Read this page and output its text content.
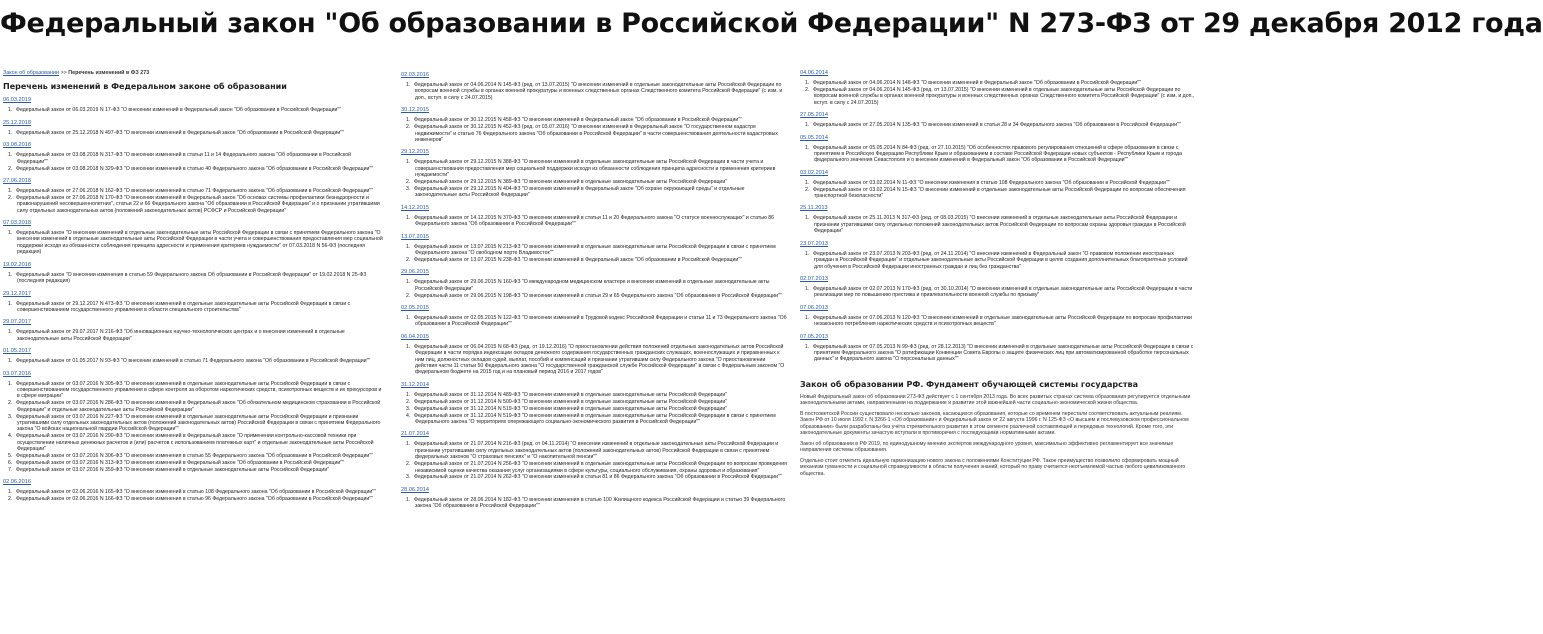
Федеральный закон "Об образовании в Российской Федерации" N 273-ФЗ от 29 декабря 2012 года
Закон об образовании >> Перечень изменений в ФЗ 273
Перечень изменений в Федеральном законе об образовании
06.03.2019
1. Федеральный закон от 06.03.2019 N 17-ФЗ "О внесении изменений в Федеральный закон "Об образовании в Российской Федерации""
25.12.2018
1. Федеральный закон от 25.12.2018 N 497-ФЗ "О внесении изменений в Федеральный закон "Об образовании в Российской Федерации""
03.08.2018
1. Федеральный закон от 03.08.2018 N 317-ФЗ "О внесении изменений в статьи 11 и 14 Федерального закона "Об образовании в Российской Федерации""
2. Федеральный закон от 03.08.2018 N 329-ФЗ "О внесении изменений в статью 40 Федерального закона "Об образовании в Российской Федерации""
27.06.2018
1. Федеральный закон от 27.06.2018 N 162-ФЗ "О внесении изменений в статью 71 Федерального закона "Об образовании в Российской Федерации""
2. Федеральный закон от 27.06.2018 N 170-ФЗ "О внесении изменений в Федеральный закон "Об основах системы профилактики безнадзорности и правонарушений несовершеннолетних", статьи 22 и 66 Федерального закона "Об образовании в Российской Федерации" и о признании утратившими силу отдельных законодательных актов (положений законодательных актов) РСФСР и Российской Федерации"
07.03.2018
1. Федеральный закон "О внесении изменений в отдельные законодательные акты Российской Федерации в связи с принятием Федерального закона "О внесении изменений в отдельные законодательные акты Российской Федерации в части учета и совершенствования предоставления мер социальной поддержки исходя из обязанности соблюдения принципа адресности и применения критериев нуждаемости" от 07.03.2018 N 56-ФЗ (последняя редакция)
19.02.2018
1. Федеральный закон "О внесении изменения в статью 59 Федерального закона Об образовании в Российской Федерации" от 19.02.2018 N 25-ФЗ (последняя редакция)
29.12.2017
1. Федеральный закон от 29.12.2017 N 473-ФЗ "О внесении изменений в отдельные законодательные акты Российской Федерации в связи с совершенствованием государственного управления в области специального строительства"
29.07.2017
1. Федеральный закон от 29.07.2017 N 216-ФЗ "Об инновационных научно-технологических центрах и о внесении изменений в отдельные законодательные акты Российской Федерации"
01.05.2017
1. Федеральный закон от 01.05.2017 N 93-ФЗ "О внесении изменений в статью 71 Федерального закона "Об образовании в Российской Федерации""
03.07.2016
1. Федеральный закон от 03.07.2016 N 305-ФЗ "О внесении изменений в отдельные законодательные акты Российской Федерации в связи с совершенствованием государственного управления в сфере контроля за оборотом наркотических средств, психотропных веществ и их прекурсоров и в сфере миграции"
2. Федеральный закон от 03.07.2016 N 286-ФЗ "О внесении изменений в Федеральный закон "Об обязательном медицинском страховании в Российской Федерации" и отдельные законодательные акты Российской Федерации"
3. Федеральный закон от 03.07.2016 N 227-ФЗ "О внесении изменений в отдельные законодательные акты Российской Федерации и признании утратившими силу отдельных законодательных актов (положений законодательных актов) Российской Федерации в связи с принятием Федерального закона "О войсках национальной гвардии Российской Федерации""
4. Федеральный закон от 03.07.2016 N 290-ФЗ "О внесении изменений в Федеральный закон "О применении контрольно-кассовой техники при осуществлении наличных денежных расчетов и (или) расчетов с использованием платежных карт" и отдельные законодательные акты Российской Федерации"
5. Федеральный закон от 03.07.2016 N 306-ФЗ "О внесении изменения в статью 55 Федерального закона "Об образовании в Российской Федерации""
6. Федеральный закон от 03.07.2016 N 313-ФЗ "О внесении изменений в Федеральный закон "Об образовании в Российской Федерации""
7. Федеральный закон от 03.07.2016 N 359-ФЗ "О внесении изменений в отдельные законодательные акты Российской Федерации"
02.06.2016
1. Федеральный закон от 02.06.2016 N 165-ФЗ "О внесении изменений в статью 108 Федерального закона "Об образовании в Российской Федерации""
2. Федеральный закон от 02.06.2016 N 166-ФЗ "О внесении изменения в статью 96 Федерального закона "Об образовании в Российской Федерации""
02.03.2016
1. Федеральный закон от 04.06.2014 N 145-ФЗ (ред. от 13.07.2015) "О внесении изменений в отдельные законодательные акты Российской Федерации по вопросам военной службы в органах военной прокуратуры и военных следственных органах Следственного комитета Российской Федерации" (с изм. и доп., вступ. в силу с 24.07.2015)
30.12.2015
1. Федеральный закон от 30.12.2015 N 458-ФЗ "О внесении изменений в Федеральный закон "Об образовании в Российской Федерации""
2. Федеральный закон от 30.12.2015 N 452-ФЗ (ред. от 03.07.2016) "О внесении изменений в Федеральный закон "О государственном кадастре недвижимости" и статью 76 Федерального закона "Об образовании в Российской Федерации" в части совершенствования деятельности кадастровых инженеров"
29.12.2015
1. Федеральный закон от 29.12.2015 N 388-ФЗ "О внесении изменений в отдельные законодательные акты Российской Федерации в части учета и совершенствования предоставления мер социальной поддержки исходя из обязанности соблюдения принципа адресности и применения критериев нуждаемости"
2. Федеральный закон от 29.12.2015 N 389-ФЗ "О внесении изменений в отдельные законодательные акты Российской Федерации"
3. Федеральный закон от 29.12.2015 N 404-ФЗ "О внесении изменений в Федеральный закон "Об охране окружающей среды" и отдельные законодательные акты Российской Федерации"
14.12.2015
1. Федеральный закон от 14.12.2015 N 370-ФЗ "О внесении изменений в статьи 11 и 20 Федерального закона "О статусе военнослужащих" и статью 86 Федерального закона "Об образовании в Российской Федерации""
13.07.2015
1. Федеральный закон от 13.07.2015 N 213-ФЗ "О внесении изменений в отдельные законодательные акты Российской Федерации в связи с принятием Федерального закона "О свободном порте Владивосток""
2. Федеральный закон от 13.07.2015 N 238-ФЗ "О внесении изменений в Федеральный закон "Об образовании в Российской Федерации""
29.06.2015
1. Федеральный закон от 29.06.2015 N 160-ФЗ "О международном медицинском кластере и внесении изменений в отдельные законодательные акты Российской Федерации"
2. Федеральный закон от 29.06.2015 N 198-ФЗ "О внесении изменений в статьи 29 и 65 Федерального закона "Об образовании в Российской Федерации""
02.05.2015
1. Федеральный закон от 02.05.2015 N 122-ФЗ "О внесении изменений в Трудовой кодекс Российской Федерации и статьи 11 и 73 Федерального закона "Об образовании в Российской Федерации""
06.04.2015
1. Федеральный закон от 06.04.2015 N 68-ФЗ (ред. от 19.12.2016) "О приостановлении действия положений отдельных законодательных актов Российской Федерации в части порядка индексации окладов денежного содержания государственных гражданских служащих, военнослужащих и приравненных к ним лиц, должностных окладов судей, выплат, пособий и компенсаций и признании утратившим силу Федерального закона "О приостановлении действия части 11 статьи 50 Федерального закона "О государственной гражданской службе Российской Федерации" в связи с Федеральным законом "О федеральном бюджете на 2015 год и на плановый период 2016 и 2017 годов"
31.12.2014
1. Федеральный закон от 31.12.2014 N 489-ФЗ "О внесении изменений в отдельные законодательные акты Российской Федерации"
2. Федеральный закон от 31.12.2014 N 500-ФЗ "О внесении изменений в отдельные законодательные акты Российской Федерации"
3. Федеральный закон от 31.12.2014 N 519-ФЗ "О внесении изменений в отдельные законодательные акты Российской Федерации"
4. Федеральный закон от 31.12.2014 N 519-ФЗ "О внесении изменений в отдельные законодательные акты Российской Федерации в связи с принятием Федерального закона "О территориях опережающего социально-экономического развития в Российской Федерации""
21.07.2014
1. Федеральный закон от 21.07.2014 N 216-ФЗ (ред. от 04.11.2014) "О внесении изменений в отдельные законодательные акты Российской Федерации и признании утратившими силу отдельных законодательных актов (положений законодательных актов) Российской Федерации в связи с принятием федеральных законов "О страховых пенсиях" и "О накопительной пенсии""
2. Федеральный закон от 21.07.2014 N 256-ФЗ "О внесении изменений в отдельные законодательные акты Российской Федерации по вопросам проведения независимой оценки качества оказания услуг организациями в сфере культуры, социального обслуживания, охраны здоровья и образования"
3. Федеральный закон от 21.07.2014 N 262-ФЗ "О внесении изменений в статьи 81 и 86 Федерального закона "Об образовании в Российской Федерации""
28.06.2014
1. Федеральный закон от 28.06.2014 N 182-ФЗ "О внесении изменения в статью 100 Жилищного кодекса Российской Федерации и статью 39 Федерального закона "Об образовании в Российской Федерации""
04.06.2014
1. Федеральный закон от 04.06.2014 N 148-ФЗ "О внесении изменений в Федеральный закон "Об образовании в Российской Федерации""
2. Федеральный закон от 04.06.2014 N 145-ФЗ (ред. от 13.07.2015) "О внесении изменений в отдельные законодательные акты Российской Федерации по вопросам военной службы в органах военной прокуратуры и военных следственных органах Следственного комитета Российской Федерации" (с изм. и доп., вступ. в силу с 24.07.2015)
27.05.2014
1. Федеральный закон от 27.05.2014 N 135-ФЗ "О внесении изменений в статьи 28 и 34 Федерального закона "Об образовании в Российской Федерации""
05.05.2014
1. Федеральный закон от 05.05.2014 N 84-ФЗ (ред. от 27.10.2015) "Об особенностях правового регулирования отношений в сфере образования в связи с принятием в Российскую Федерацию Республики Крым и образованием в составе Российской Федерации новых субъектов - Республики Крым и города федерального значения Севастополя и о внесении изменений в Федеральный закон "Об образовании в Российской Федерации""
03.02.2014
1. Федеральный закон от 03.02.2014 N 11-ФЗ "О внесении изменения в статью 108 Федерального закона "Об образовании в Российской Федерации""
2. Федеральный закон от 03.02.2014 N 15-ФЗ "О внесении изменений в отдельные законодательные акты Российской Федерации по вопросам обеспечения транспортной безопасности"
25.11.2013
1. Федеральный закон от 25.11.2013 N 317-ФЗ (ред. от 08.03.2015) "О внесении изменений в отдельные законодательные акты Российской Федерации и признании утратившими силу отдельных положений законодательных актов Российской Федерации по вопросам охраны здоровья граждан в Российской Федерации"
23.07.2013
1. Федеральный закон от 23.07.2013 N 203-ФЗ (ред. от 24.11.2014) "О внесении изменений в Федеральный закон "О правовом положении иностранных граждан в Российской Федерации" и отдельные законодательные акты Российской Федерации в целях создания дополнительных благоприятных условий для обучения в Российской Федерации иностранных граждан и лиц без гражданства"
02.07.2013
1. Федеральный закон от 02.07.2013 N 170-ФЗ (ред. от 30.10.2014) "О внесении изменений в отдельные законодательные акты Российской Федерации в части реализации мер по повышению престижа и привлекательности военной службы по призыву"
07.06.2013
1. Федеральный закон от 07.06.2013 N 120-ФЗ "О внесении изменений в отдельные законодательные акты Российской Федерации по вопросам профилактики незаконного потребления наркотических средств и психотропных веществ"
07.05.2013
1. Федеральный закон от 07.05.2013 N 99-ФЗ (ред. от 28.12.2013) "О внесении изменений в отдельные законодательные акты Российской Федерации в связи с принятием Федерального закона "О ратификации Конвенции Совета Европы о защите физических лиц при автоматизированной обработке персональных данных" и Федерального закона "О персональных данных""
Закон об образовании РФ. Фундамент обучающей системы государства
Новый Федеральный закон об образовании 273-ФЗ действует с 1 сентября 2013 года. Во всех развитых странах система образования регулируется отдельными законодательными актами, направленными на поддержание и развитие этой важнейшей части социально-экономической жизни общества.
В постсоветской России существовало несколько законов, касающихся образования, которые со временем перестали соответствовать актуальным реалиям. Закон РФ от 10 июля 1992 г. N 3266-1 «Об образовании» и Федеральный закон от 22 августа 1996 г. N 125-ФЗ «О высшем и послевузовском профессиональном образовании» были разработаны без учёта стремительного развития в этом сегменте различной составляющей и передовых технологий. Кроме того, эти законодательные документы зачастую вступали в противоречия с последующими нормативными актами.
Закон об образовании в РФ 2019, по единодушному мнению экспертов международного уровня, максимально эффективно регламентирует все значимые направления системы образования.
Отдельно стоит отметить идеальную гармонизацию нового закона с положениями Конституции РФ. Такое преимущество позволило сформировать мощный механизм гуманности и социальной справедливости в области получения знаний, который по праву считается неотъемлемой частью любого цивилизованного общества.
